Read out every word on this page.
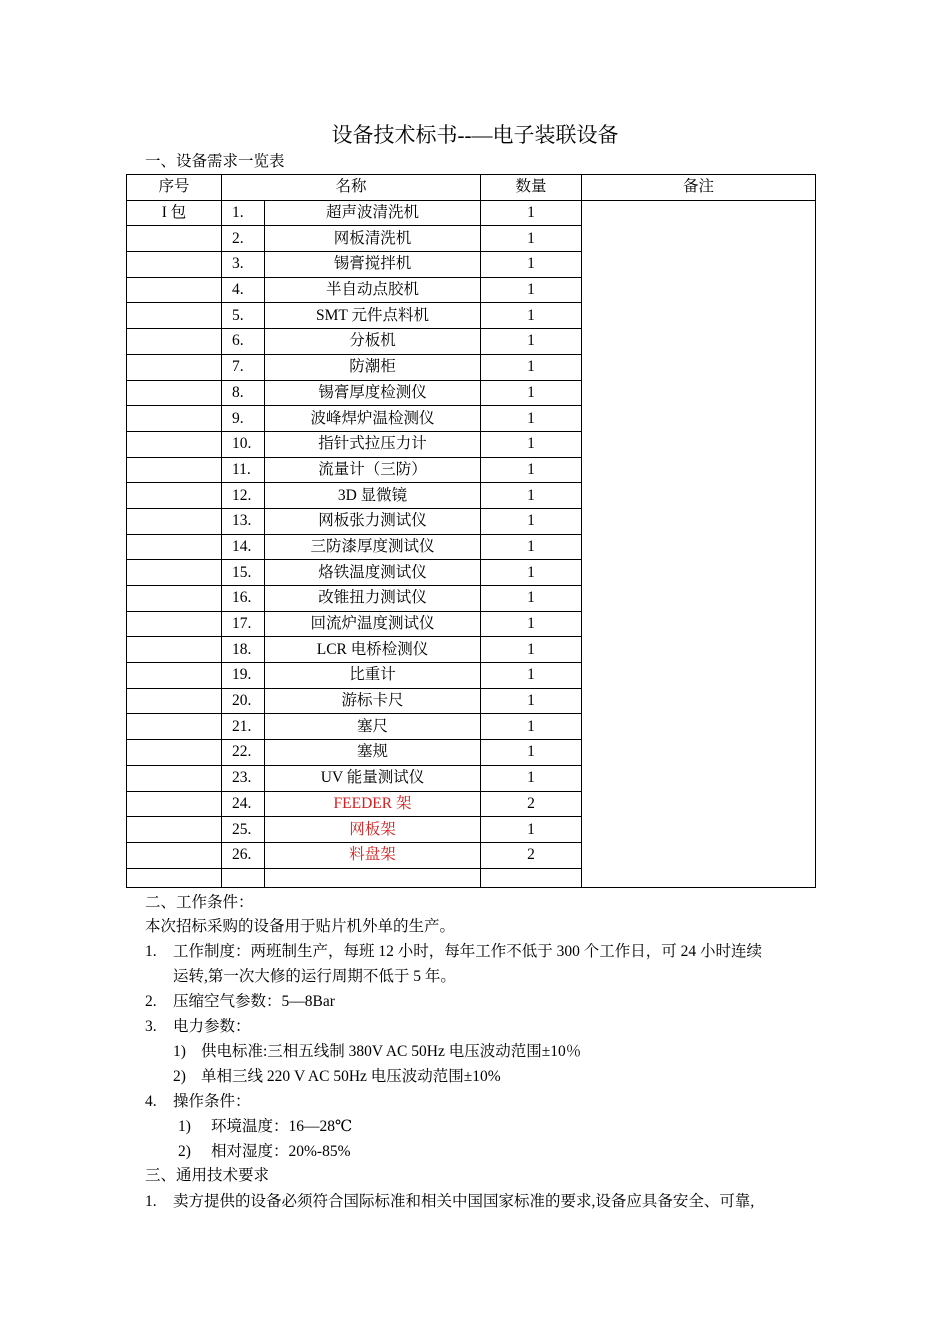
设备技术标书--—电子装联设备
一、设备需求一览表
序号	名称		数量	备注
I 包	1.	超声波清洗机	1	
	2.	网板清洗机	1	
	3.	锡膏搅拌机	1	
	4.	半自动点胶机	1	
	5.	SMT 元件点料机	1	
	6.	分板机	1	
	7.	防潮柜	1	
	8.	锡膏厚度检测仪	1	
	9.	波峰焊炉温检测仪	1	
	10.	指针式拉压力计	1	
	11.	流量计（三防）	1	
	12.	3D 显微镜	1	
	13.	网板张力测试仪	1	
	14.	三防漆厚度测试仪	1	
	15.	烙铁温度测试仪	1	
	16.	改锥扭力测试仪	1	
	17.	回流炉温度测试仪	1	
	18.	LCR 电桥检测仪	1	
	19.	比重计	1	
	20.	游标卡尺	1	
	21.	塞尺	1	
	22.	塞规	1	
	23.	UV 能量测试仪	1	
	24.	FEEDER 架	2	
	25.	网板架	1	
	26.	料盘架	2	

二、工作条件：
本次招标采购的设备用于贴片机外单的生产。
1. 工作制度：两班制生产，每班 12 小时，每年工作不低于 300 个工作日，可 24 小时连续
运转,第一次大修的运行周期不低于 5 年。
2. 压缩空气参数：5—8Bar
3. 电力参数：
1) 供电标准:三相五线制 380V AC 50Hz 电压波动范围±10％
2) 单相三线 220 V AC 50Hz 电压波动范围±10%
4. 操作条件：
1) 环境温度：16—28℃
2) 相对湿度：20%-85%
三、通用技术要求
1. 卖方提供的设备必须符合国际标准和相关中国国家标准的要求,设备应具备安全、可靠,
